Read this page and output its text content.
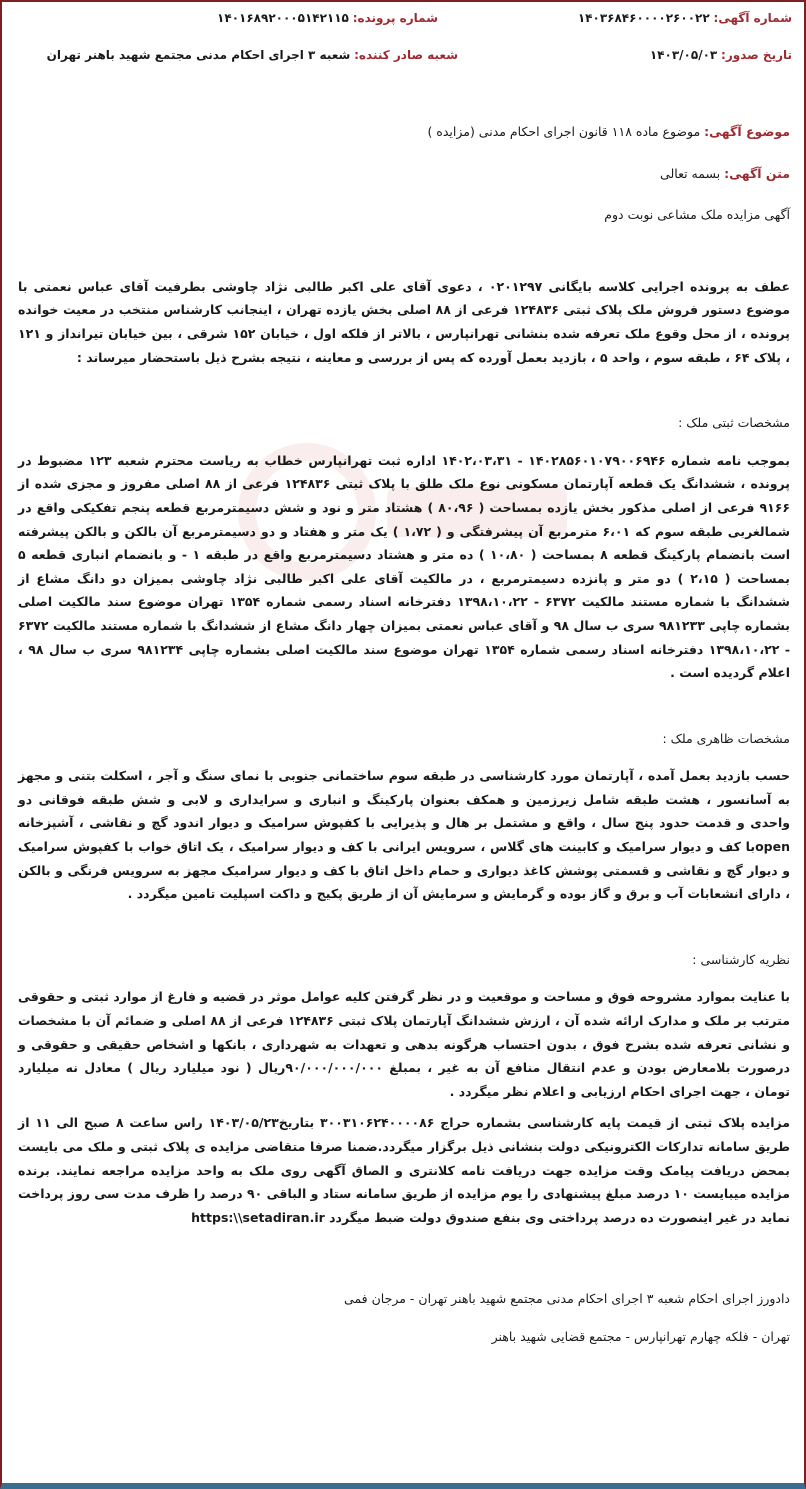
شماره آگهی: ۱۴۰۳۶۸۴۶۰۰۰۰۲۶۰۰۲۲
شماره پرونده: ۱۴۰۱۶۸۹۲۰۰۰۵۱۴۲۱۱۵
تاریخ صدور: ۱۴۰۳/۰۵/۰۳
شعبه صادر کننده: شعبه ۳ اجرای احکام مدنی مجتمع شهید باهنر تهران

موضوع آگهی: موضوع ماده ۱۱۸ قانون اجرای احکام مدنی (مزایده )

متن آگهی: بسمه تعالی

آگهی مزایده ملک مشاعی نوبت دوم

عطف به پرونده اجرایی کلاسه بایگانی ۰۲۰۱۲۹۷ ، دعوی آقای علی اکبر طالبی نژاد چاوشی بطرفیت آقای عباس نعمتی با موضوع دستور فروش ملک پلاک ثبتی ۱۲۴۸۳۶ فرعی از ۸۸ اصلی بخش یازده تهران ، اینجانب کارشناس منتخب در معیت خوانده پرونده ، از محل وقوع ملک تعرفه شده بنشانی تهرانپارس ، بالاتر از فلکه اول ، خیابان ۱۵۲ شرقی ، بین خیابان تیرانداز و ۱۲۱ ، پلاک ۶۴ ، طبقه سوم ، واحد ۵ ، بازدید بعمل آورده که پس از بررسی و معاینه ، نتیجه بشرح ذیل باستحضار میرساند :

مشخصات ثبتی ملک :

بموجب نامه شماره ۱۴۰۲۸۵۶۰۱۰۷۹۰۰۶۹۴۶ - ۱۴۰۲،۰۳،۳۱ اداره ثبت تهرانپارس خطاب به ریاست محترم شعبه ۱۲۳ مضبوط در پرونده ، ششدانگ یک قطعه آپارتمان مسکونی نوع ملک طلق با پلاک ثبتی ۱۲۴۸۳۶ فرعی از ۸۸ اصلی مفروز و مجزی شده از ۹۱۶۶ فرعی از اصلی مذکور بخش یازده بمساحت ( ۸۰،۹۶ ) هشتاد متر و نود و شش دسیمترمربع قطعه پنجم تفکیکی واقع در شمالغربی طبقه سوم که ۶،۰۱ مترمربع آن پیشرفتگی و ( ۱،۷۲ ) یک متر و هفتاد و دو دسیمترمربع آن بالکن و بالکن پیشرفته است بانضمام پارکینگ قطعه ۸ بمساحت ( ۱۰،۸۰ ) ده متر و هشتاد دسیمترمربع واقع در طبقه ۱ - و بانضمام انباری قطعه ۵ بمساحت ( ۲،۱۵ ) دو متر و پانزده دسیمترمربع ، در مالکیت آقای علی اکبر طالبی نژاد چاوشی بمیزان دو دانگ مشاع از ششدانگ با شماره مستند مالکیت ۶۳۷۲ - ۱۳۹۸،۱۰،۲۲ دفترخانه اسناد رسمی شماره ۱۳۵۴ تهران موضوع سند مالکیت اصلی بشماره چاپی ۹۸۱۲۳۳ سری ب سال ۹۸ و آقای عباس نعمتی بمیزان چهار دانگ مشاع از ششدانگ با شماره مستند مالکیت ۶۳۷۲ - ۱۳۹۸،۱۰،۲۲ دفترخانه اسناد رسمی شماره ۱۳۵۴ تهران موضوع سند مالکیت اصلی بشماره چاپی ۹۸۱۲۳۴ سری ب سال ۹۸ ، اعلام گردیده است .

مشخصات ظاهری ملک :

حسب بازدید بعمل آمده ، آپارتمان مورد کارشناسی در طبقه سوم ساختمانی جنوبی با نمای سنگ و آجر ، اسکلت بتنی و مجهز به آسانسور ، هشت طبقه شامل زیرزمین و همکف بعنوان پارکینگ و انباری و سرایداری و لابی و شش طبقه فوقانی دو واحدی و قدمت حدود پنج سال ، واقع و مشتمل بر هال و پذیرایی با کفپوش سرامیک و دیوار اندود گچ و نقاشی ، آشپزخانه openبا کف و دیوار سرامیک و کابینت های گلاس ، سرویس ایرانی با کف و دیوار سرامیک ، یک اتاق خواب با کفپوش سرامیک و دیوار گچ و نقاشی و قسمتی پوشش کاغذ دیواری و حمام داخل اتاق با کف و دیوار سرامیک مجهز به سرویس فرنگی و بالکن ، دارای انشعابات آب و برق و گاز بوده و گرمایش و سرمایش آن از طریق پکیج و داکت اسپلیت تامین میگردد .

نظریه کارشناسی :

با عنایت بموارد مشروحه فوق و مساحت و موقعیت و در نظر گرفتن کلیه عوامل موثر در قضیه و فارغ از موارد ثبتی و حقوقی مترتب بر ملک و مدارک ارائه شده آن ، ارزش ششدانگ آپارتمان پلاک ثبتی ۱۲۴۸۳۶ فرعی از ۸۸ اصلی و ضمائم آن با مشخصات و نشانی تعرفه شده بشرح فوق ، بدون احتساب هرگونه بدهی و تعهدات به شهرداری ، بانکها و اشخاص حقیقی و حقوقی و درصورت بلامعارض بودن و عدم انتقال منافع آن به غیر ، بمبلغ ۹۰/۰۰۰/۰۰۰/۰۰۰ریال ( نود میلیارد ریال ) معادل نه میلیارد تومان ، جهت اجرای احکام ارزیابی و اعلام نظر میگردد .

مزایده پلاک ثبتی از قیمت پایه کارشناسی بشماره حراج ۳۰۰۳۱۰۶۲۴۰۰۰۰۸۶ بتاریخ۱۴۰۳/۰۵/۲۳ راس ساعت ۸ صبح الی ۱۱ از طریق سامانه تدارکات الکترونیکی دولت بنشانی ذیل برگزار میگردد.ضمنا صرفا متقاضی مزایده ی پلاک ثبتی و ملک می بایست بمحض دریافت پیامک وقت مزایده جهت دریافت نامه کلانتری و الصاق آگهی روی ملک به واحد مزایده مراجعه نمایند. برنده مزایده میبایست ۱۰ درصد مبلغ پیشنهادی را یوم مزایده از طریق سامانه ستاد و الباقی ۹۰ درصد را ظرف مدت سی روز پرداخت نماید در غیر اینصورت ده درصد پرداختی وی بنفع صندوق دولت ضبط میگردد https:\\setadiran.ir

دادورز اجرای احکام شعبه ۳ اجرای احکام مدنی مجتمع شهید باهنر تهران - مرجان فمی

تهران - فلکه چهارم تهرانپارس - مجتمع قضایی شهید باهنر
